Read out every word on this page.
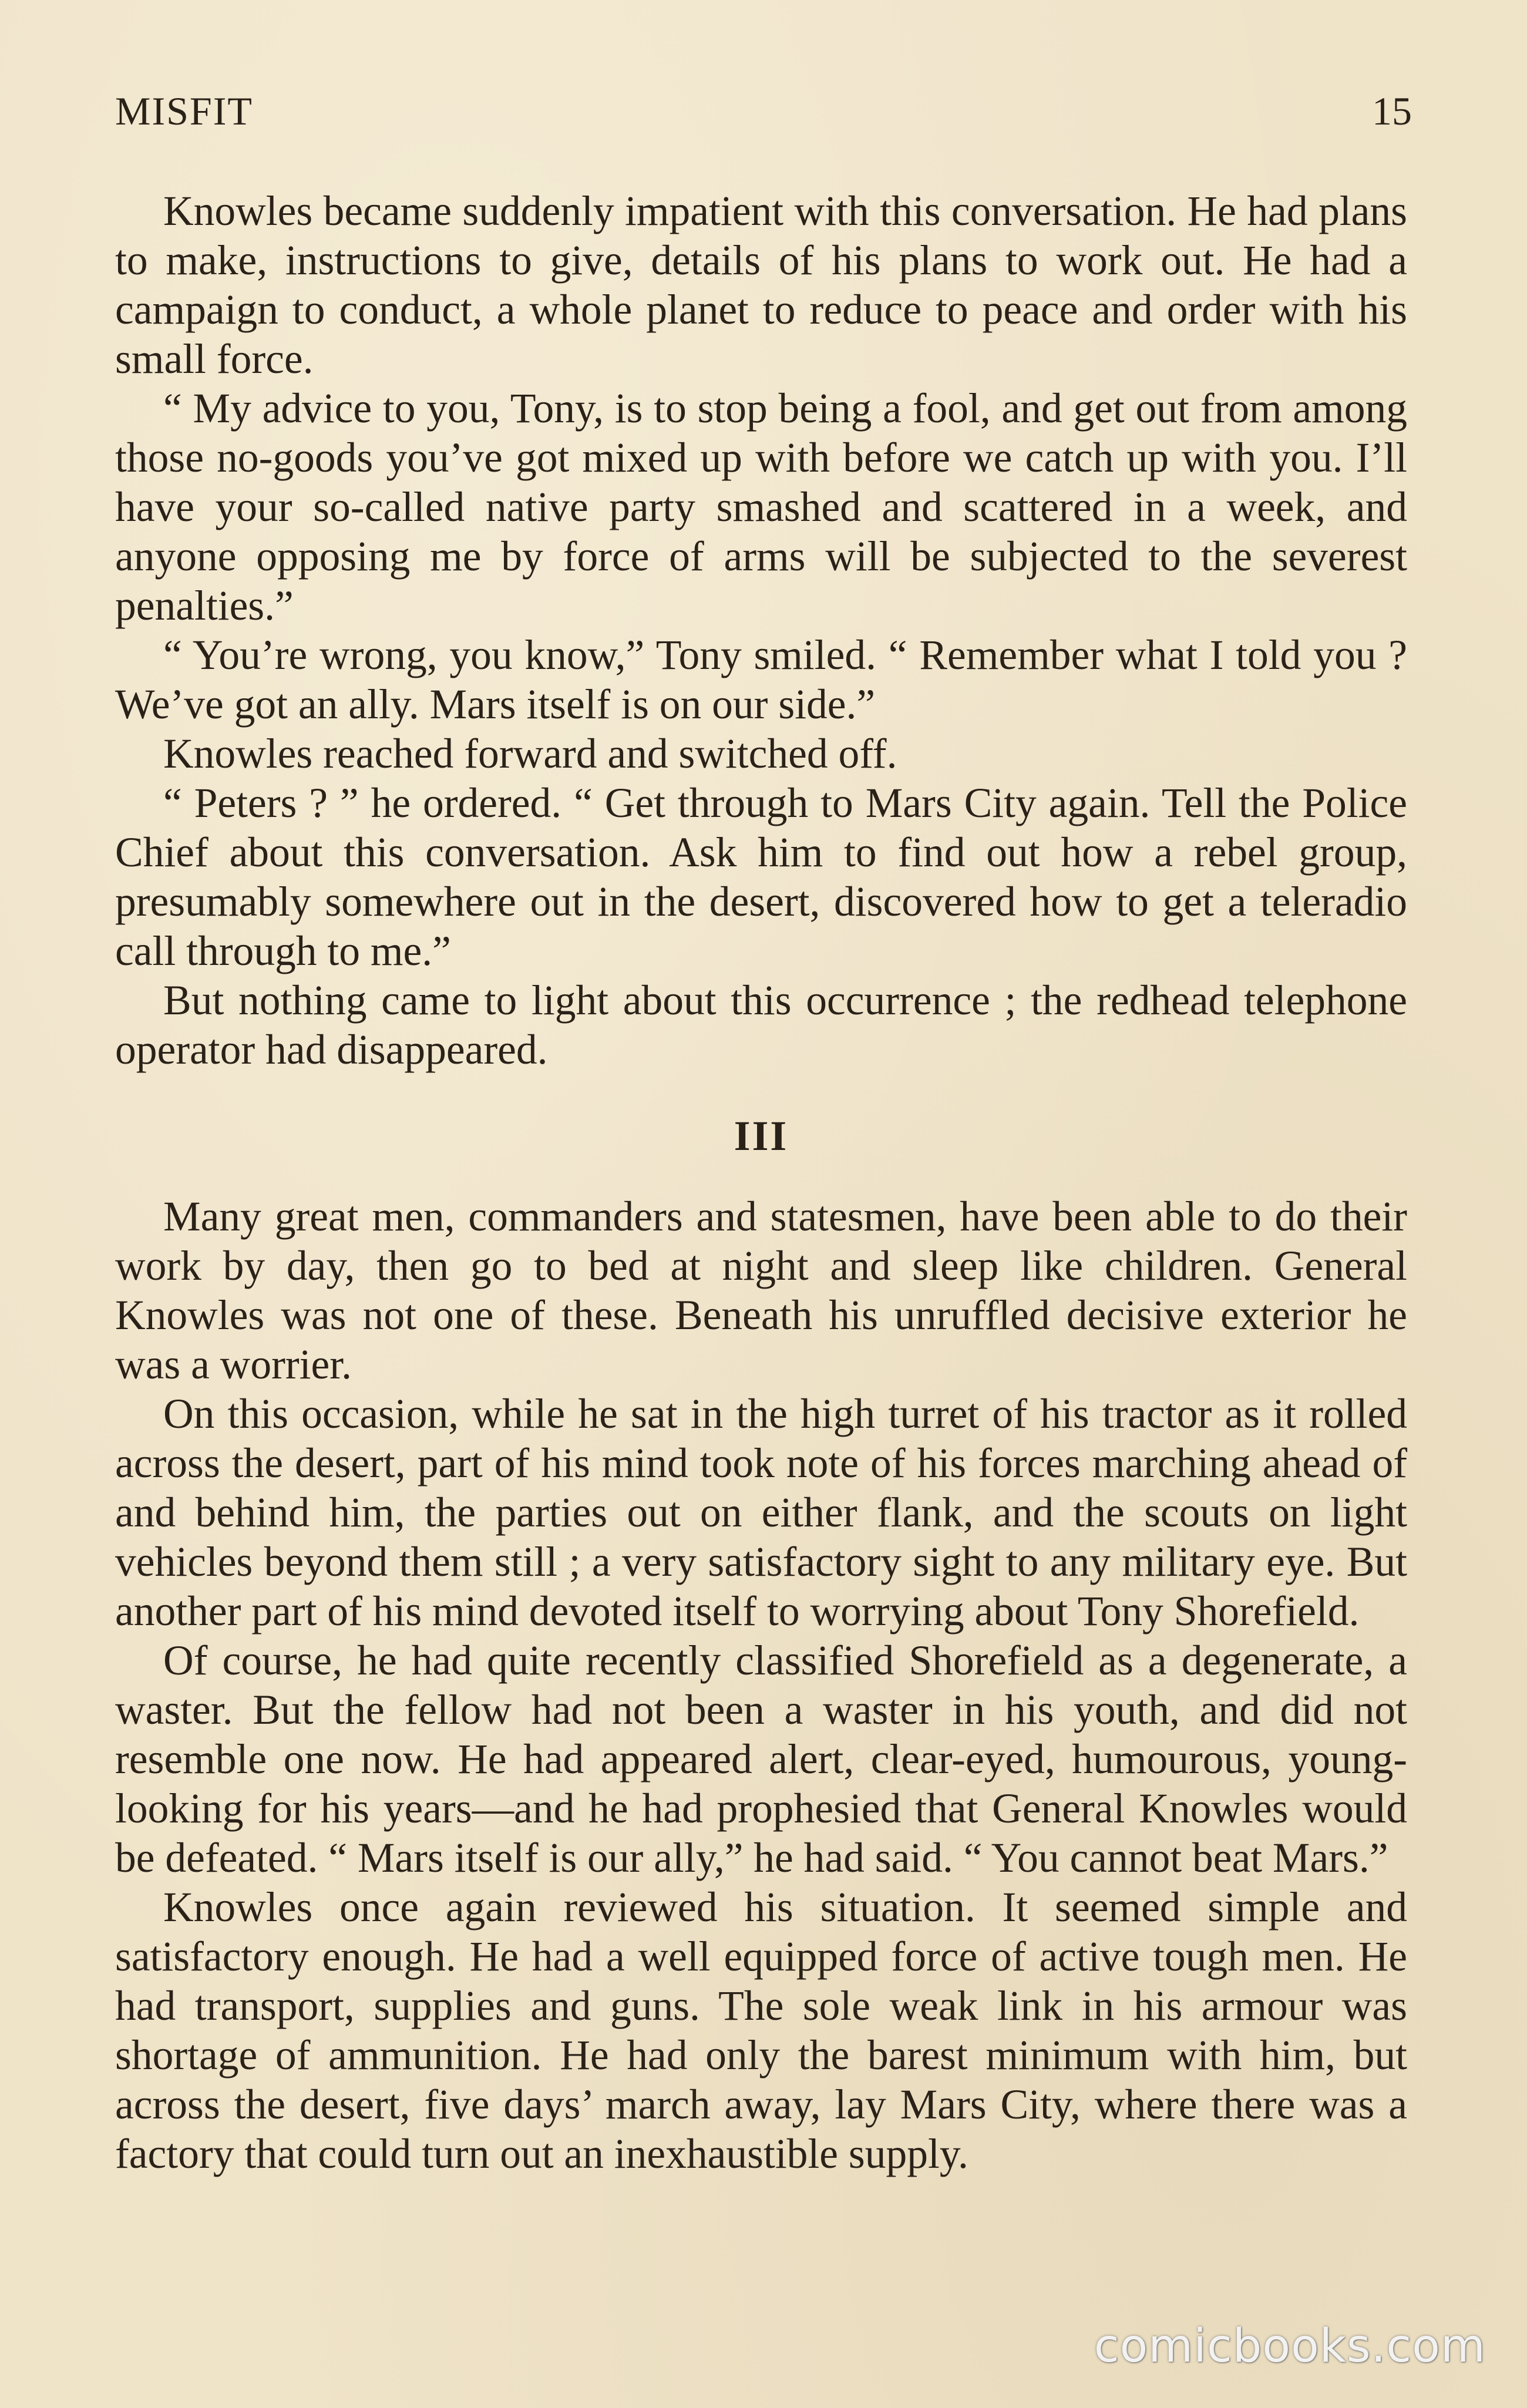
MISFIT	15

Knowles became suddenly impatient with this conversation. He had plans to make, instructions to give, details of his plans to work out. He had a campaign to conduct, a whole planet to reduce to peace and order with his small force.

“ My advice to you, Tony, is to stop being a fool, and get out from among those no-goods you’ve got mixed up with before we catch up with you. I’ll have your so-called native party smashed and scattered in a week, and anyone opposing me by force of arms will be subjected to the severest penalties.”

“ You’re wrong, you know,” Tony smiled. “ Remember what I told you ? We’ve got an ally. Mars itself is on our side.”

Knowles reached forward and switched off.

“ Peters ? ” he ordered. “ Get through to Mars City again. Tell the Police Chief about this conversation. Ask him to find out how a rebel group, presumably somewhere out in the desert, discovered how to get a teleradio call through to me.”

But nothing came to light about this occurrence ; the redhead telephone operator had disappeared.

III

Many great men, commanders and statesmen, have been able to do their work by day, then go to bed at night and sleep like children. General Knowles was not one of these. Beneath his unruffled decisive exterior he was a worrier.

On this occasion, while he sat in the high turret of his tractor as it rolled across the desert, part of his mind took note of his forces marching ahead of and behind him, the parties out on either flank, and the scouts on light vehicles beyond them still ; a very satisfactory sight to any military eye. But another part of his mind devoted itself to worrying about Tony Shorefield.

Of course, he had quite recently classified Shorefield as a degenerate, a waster. But the fellow had not been a waster in his youth, and did not resemble one now. He had appeared alert, clear-eyed, humourous, young-looking for his years—and he had prophesied that General Knowles would be defeated. “ Mars itself is our ally,” he had said. “ You cannot beat Mars.”

Knowles once again reviewed his situation. It seemed simple and satisfactory enough. He had a well equipped force of active tough men. He had transport, supplies and guns. The sole weak link in his armour was shortage of ammunition. He had only the barest minimum with him, but across the desert, five days’ march away, lay Mars City, where there was a factory that could turn out an inexhaustible supply.

comicbooks.com
